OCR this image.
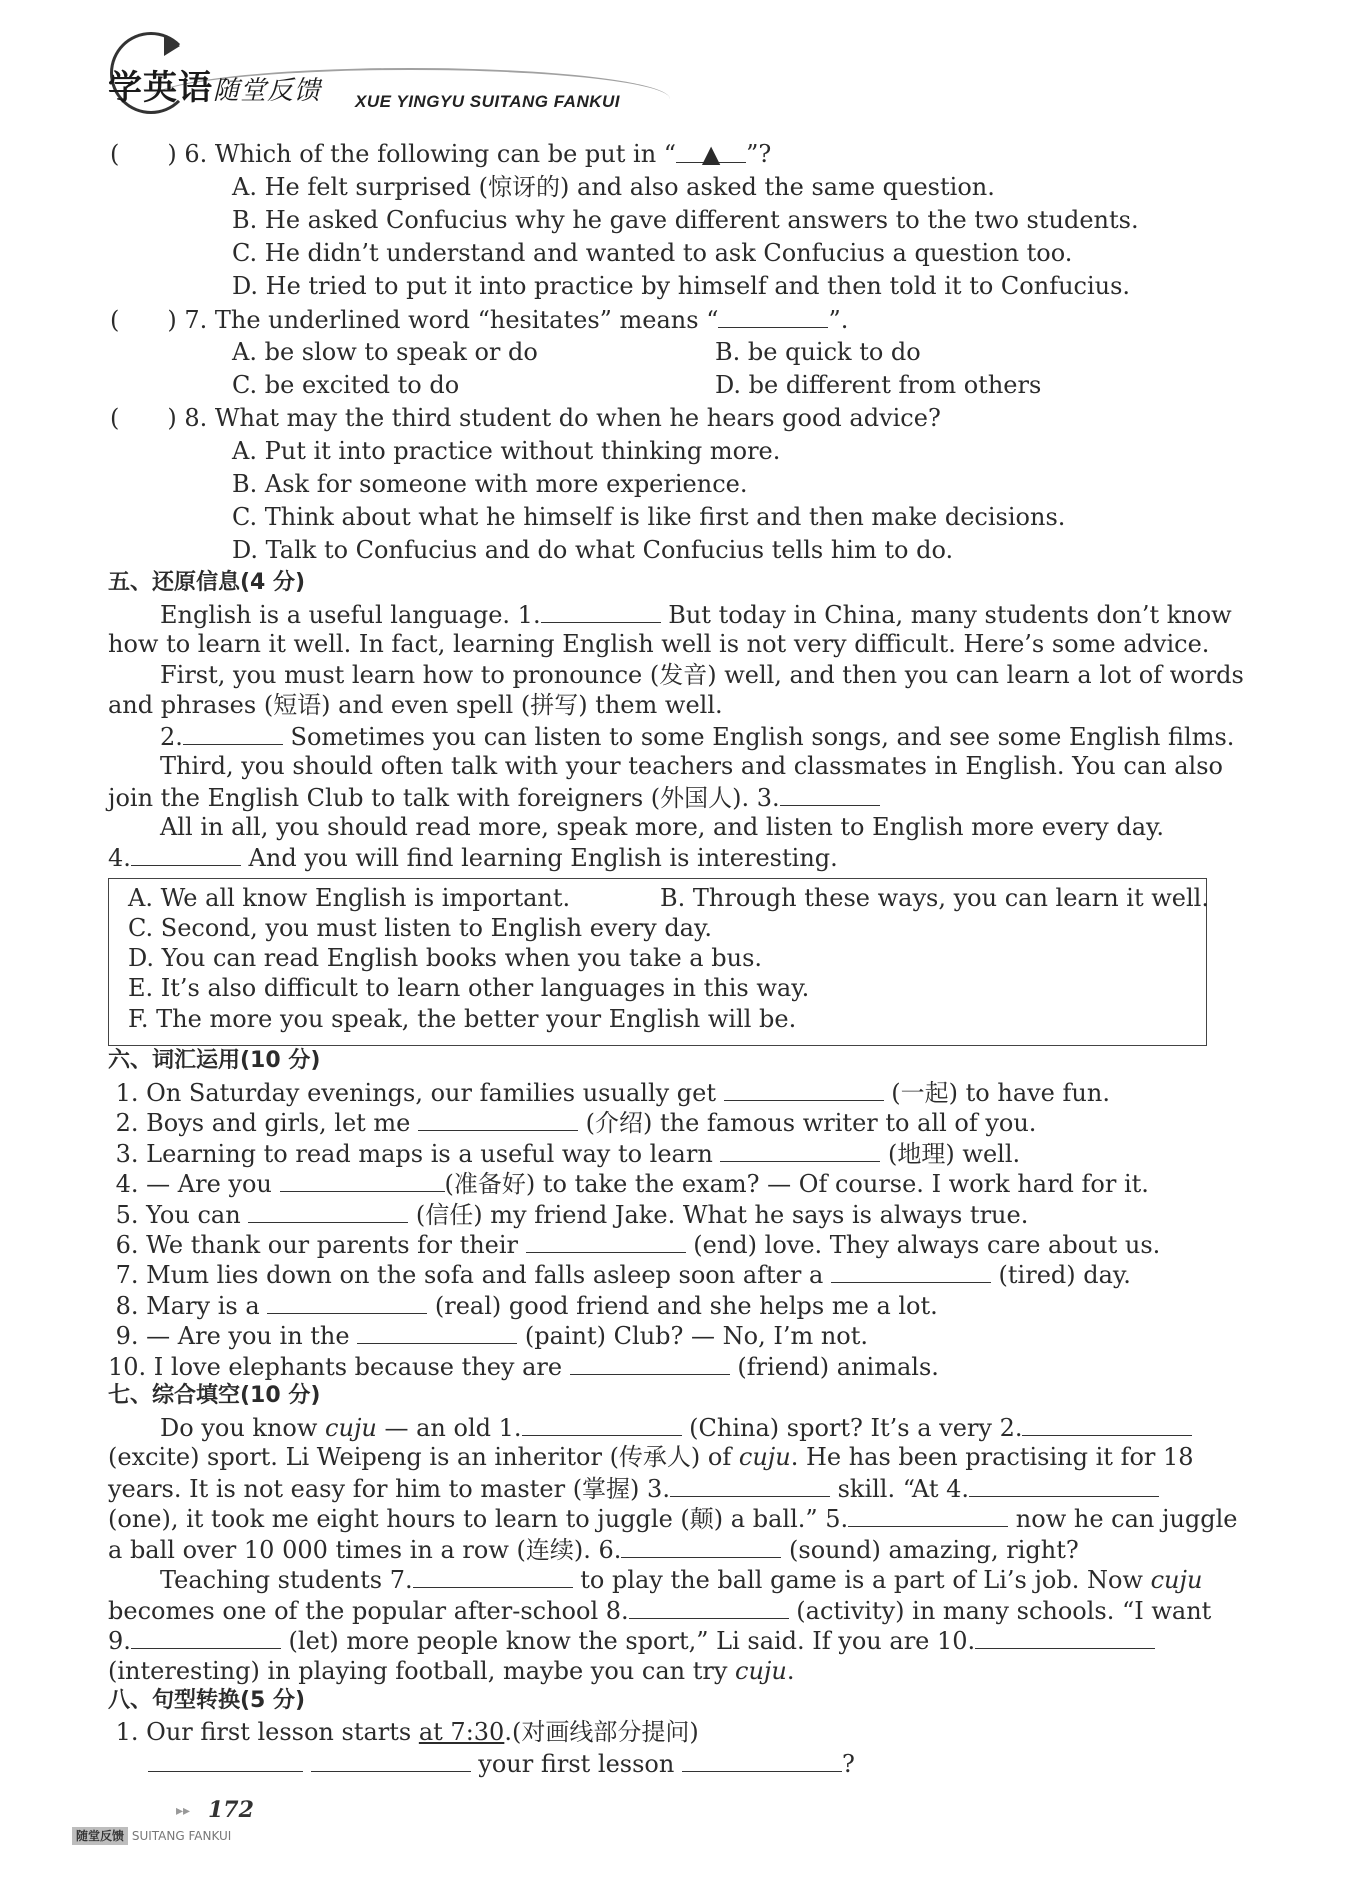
学英语随堂反馈 XUE YINGYU SUITANG FANKUI
(　　) 6. Which of the following can be put in “ ▲ ”?
A. He felt surprised (惊讶的) and also asked the same question.
B. He asked Confucius why he gave different answers to the two students.
C. He didn’t understand and wanted to ask Confucius a question too.
D. He tried to put it into practice by himself and then told it to Confucius.
(　　) 7. The underlined word “hesitates” means “	”.
A. be slow to speak or do	B. be quick to do
C. be excited to do	D. be different from others
(　　) 8. What may the third student do when he hears good advice?
A. Put it into practice without thinking more.
B. Ask for someone with more experience.
C. Think about what he himself is like first and then make decisions.
D. Talk to Confucius and do what Confucius tells him to do.
五、还原信息(4 分)
English is a useful language. 1.	But today in China, many students don’t know
how to learn it well. In fact, learning English well is not very difficult. Here’s some advice.
First, you must learn how to pronounce (发音) well, and then you can learn a lot of words
and phrases (短语) and even spell (拼写) them well.
2.	Sometimes you can listen to some English songs, and see some English films.
Third, you should often talk with your teachers and classmates in English. You can also
join the English Club to talk with foreigners (外国人). 3.
All in all, you should read more, speak more, and listen to English more every day.
4.	And you will find learning English is interesting.
A. We all know English is important.	B. Through these ways, you can learn it well.
C. Second, you must listen to English every day.
D. You can read English books when you take a bus.
E. It’s also difficult to learn other languages in this way.
F. The more you speak, the better your English will be.
六、词汇运用(10 分)
1. On Saturday evenings, our families usually get	(一起) to have fun.
2. Boys and girls, let me	(介绍) the famous writer to all of you.
3. Learning to read maps is a useful way to learn	(地理) well.
4. — Are you	(准备好) to take the exam? — Of course. I work hard for it.
5. You can	(信任) my friend Jake. What he says is always true.
6. We thank our parents for their	(end) love. They always care about us.
7. Mum lies down on the sofa and falls asleep soon after a	(tired) day.
8. Mary is a	(real) good friend and she helps me a lot.
9. — Are you in the	(paint) Club? — No, I’m not.
10. I love elephants because they are	(friend) animals.
七、综合填空(10 分)
Do you know cuju — an old 1.	(China) sport? It’s a very 2.
(excite) sport. Li Weipeng is an inheritor (传承人) of cuju. He has been practising it for 18
years. It is not easy for him to master (掌握) 3.	skill. “At 4.
(one), it took me eight hours to learn to juggle (颠) a ball.” 5.	now he can juggle
a ball over 10 000 times in a row (连续). 6.	(sound) amazing, right?
Teaching students 7.	to play the ball game is a part of Li’s job. Now cuju
becomes one of the popular after-school 8.	(activity) in many schools. “I want
9.	(let) more people know the sport,” Li said. If you are 10.
(interesting) in playing football, maybe you can try cuju.
八、句型转换(5 分)
1. Our first lesson starts at 7:30.(对画线部分提问)
your first lesson	?
▸▸ 172
随堂反馈 SUITANG FANKUI
